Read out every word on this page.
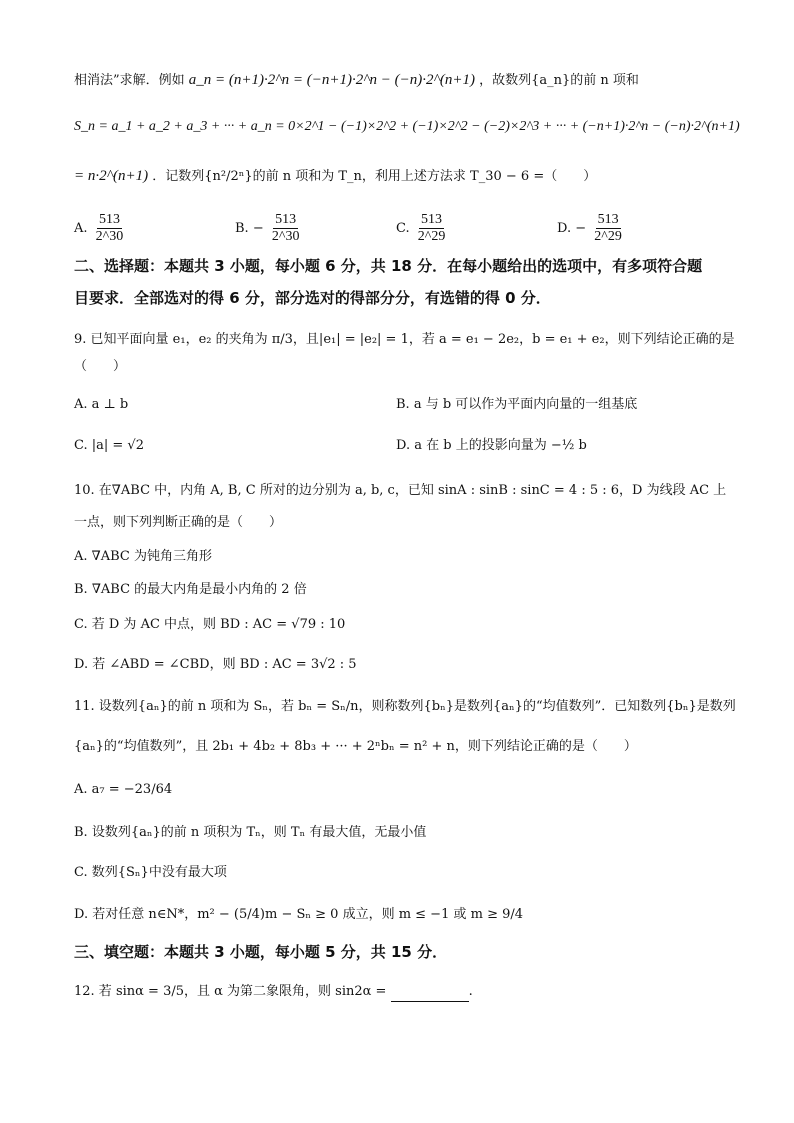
相消法”求解．例如 a_n = (n+1)·2^n = (−n+1)·2^n − (−n)·2^(n+1) ，故数列{a_n}的前 n 项和
S_n = a_1 + a_2 + a_3 + ··· + a_n = 0×2^1 − (−1)×2^2 + (−1)×2^2 − (−2)×2^3 + ··· + (−n+1)·2^n − (−n)·2^(n+1)
= n·2^(n+1) ．记数列{n²/2ⁿ}的前 n 项和为 T_n，利用上述方法求 T_30 − 6 =（　　）
A. $\frac{513}{2\^{}30}$	B. − $\frac{513}{2\^{}30}$	C. $\frac{513}{2\^{}29}$	D. − $\frac{513}{2\^{}29}$
二、选择题：本题共 3 小题，每小题 6 分，共 18 分．在每小题给出的选项中，有多项符合题
目要求．全部选对的得 6 分，部分选对的得部分分，有选错的得 0 分．
9. 已知平面向量 e₁，e₂ 的夹角为 π/3，且|e₁| = |e₂| = 1，若 a = e₁ − 2e₂，b = e₁ + e₂，则下列结论正确的是
（　　）
A. a ⊥ b	B. a 与 b 可以作为平面内向量的一组基底
C. |a| = √2	D. a 在 b 上的投影向量为 −½ b
10. 在∇ABC 中，内角 A, B, C 所对的边分别为 a, b, c，已知 sinA : sinB : sinC = 4 : 5 : 6，D 为线段 AC 上
一点，则下列判断正确的是（　　）
A. ∇ABC 为钝角三角形
B. ∇ABC 的最大内角是最小内角的 2 倍
C. 若 D 为 AC 中点，则 BD : AC = √79 : 10
D. 若 ∠ABD = ∠CBD，则 BD : AC = 3√2 : 5
11. 设数列{aₙ}的前 n 项和为 Sₙ，若 bₙ = Sₙ/n，则称数列{bₙ}是数列{aₙ}的“均值数列”．已知数列{bₙ}是数列
{aₙ}的“均值数列”，且 2b₁ + 4b₂ + 8b₃ + ··· + 2ⁿbₙ = n² + n，则下列结论正确的是（　　）
A. a₇ = −23/64
B. 设数列{aₙ}的前 n 项积为 Tₙ，则 Tₙ 有最大值，无最小值
C. 数列{Sₙ}中没有最大项
D. 若对任意 n∈N*，m² − (5/4)m − Sₙ ≥ 0 成立，则 m ≤ −1 或 m ≥ 9/4
三、填空题：本题共 3 小题，每小题 5 分，共 15 分．
12. 若 sinα = 3/5，且 α 为第二象限角，则 sin2α =	.
